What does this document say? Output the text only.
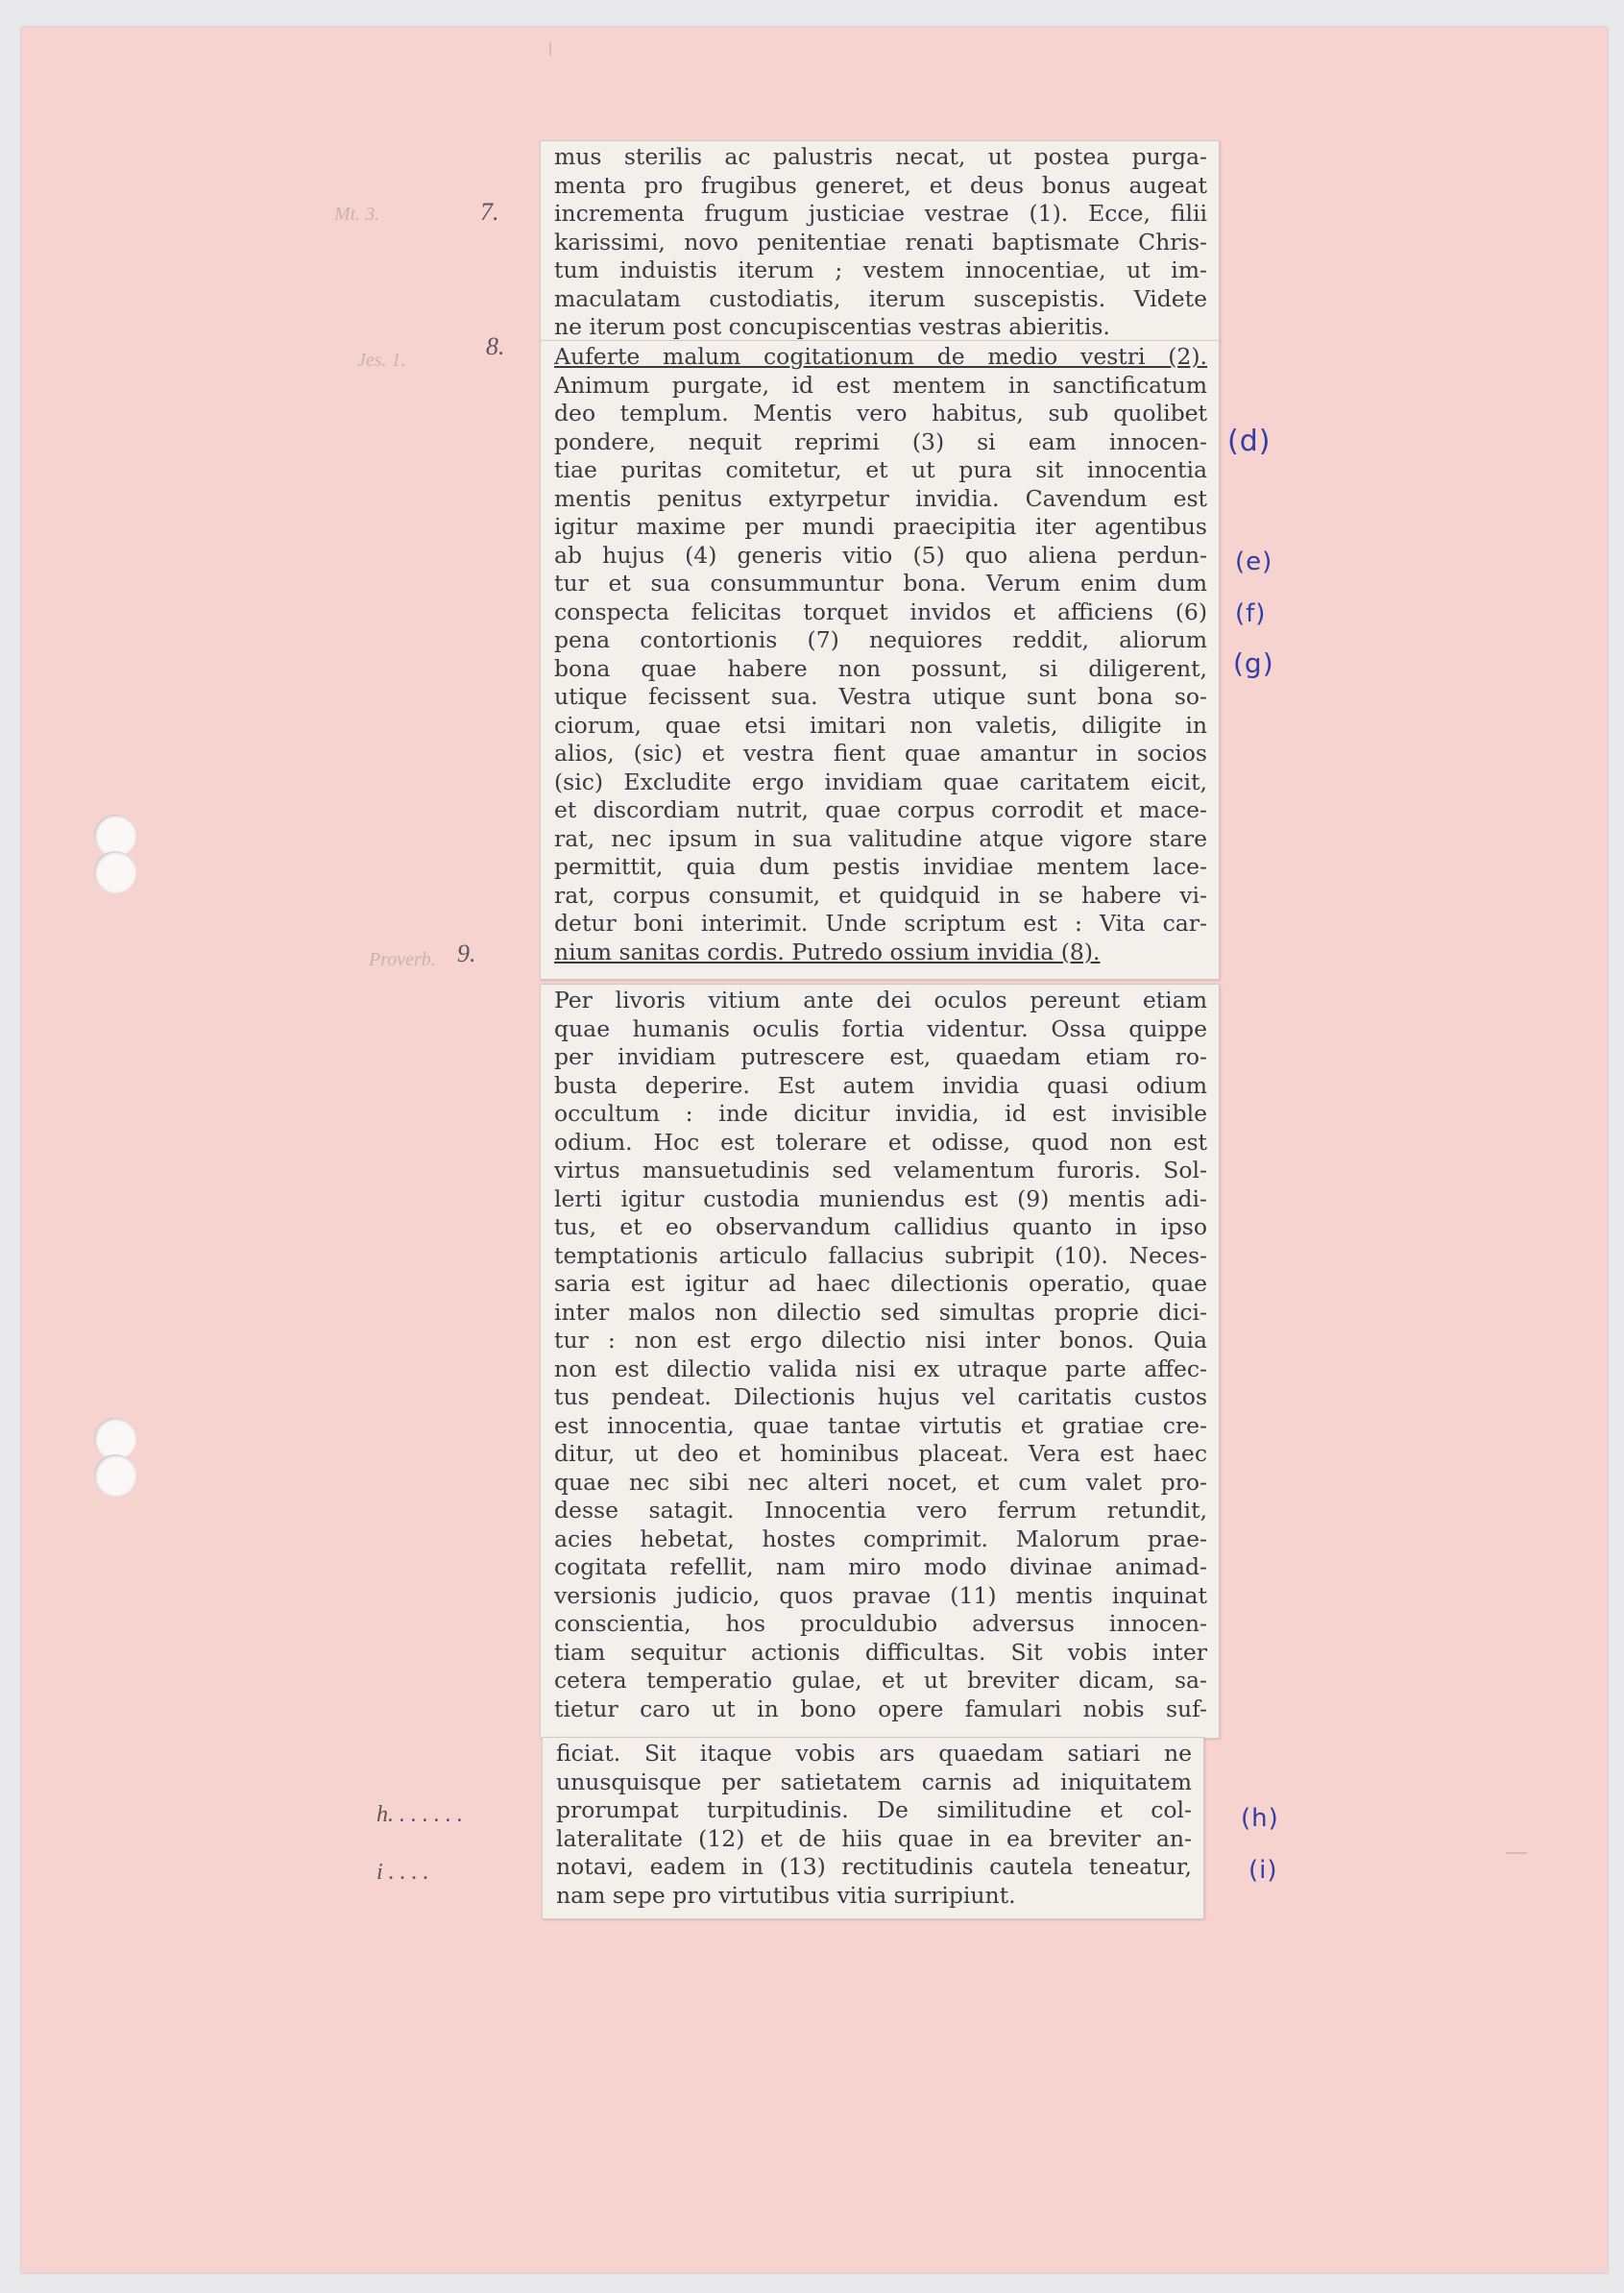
mus sterilis ac palustris necat, ut postea purga-
menta pro frugibus generet, et deus bonus augeat
incrementa frugum justiciae vestrae (1). Ecce, filii
karissimi, novo penitentiae renati baptismate Chris-
tum induistis iterum ; vestem innocentiae, ut im-
maculatam custodiatis, iterum suscepistis. Videte
ne iterum post concupiscentias vestras abieritis.
Auferte malum cogitationum de medio vestri (2).
Animum purgate, id est mentem in sanctificatum
deo templum. Mentis vero habitus, sub quolibet
pondere, nequit reprimi (3) si eam innocen-
tiae puritas comitetur, et ut pura sit innocentia
mentis penitus extyrpetur invidia. Cavendum est
igitur maxime per mundi praecipitia iter agentibus
ab hujus (4) generis vitio (5) quo aliena perdun-
tur et sua consummuntur bona. Verum enim dum
conspecta felicitas torquet invidos et afficiens (6)
pena contortionis (7) nequiores reddit, aliorum
bona quae habere non possunt, si diligerent,
utique fecissent sua. Vestra utique sunt bona so-
ciorum, quae etsi imitari non valetis, diligite in
alios, (sic) et vestra fient quae amantur in socios
(sic) Excludite ergo invidiam quae caritatem eicit,
et discordiam nutrit, quae corpus corrodit et mace-
rat, nec ipsum in sua valitudine atque vigore stare
permittit, quia dum pestis invidiae mentem lace-
rat, corpus consumit, et quidquid in se habere vi-
detur boni interimit. Unde scriptum est : Vita car-
nium sanitas cordis. Putredo ossium invidia (8).
Per livoris vitium ante dei oculos pereunt etiam
quae humanis oculis fortia videntur. Ossa quippe
per invidiam putrescere est, quaedam etiam ro-
busta deperire. Est autem invidia quasi odium
occultum : inde dicitur invidia, id est invisible
odium. Hoc est tolerare et odisse, quod non est
virtus mansuetudinis sed velamentum furoris. Sol-
lerti igitur custodia muniendus est (9) mentis adi-
tus, et eo observandum callidius quanto in ipso
temptationis articulo fallacius subripit (10). Neces-
saria est igitur ad haec dilectionis operatio, quae
inter malos non dilectio sed simultas proprie dici-
tur : non est ergo dilectio nisi inter bonos. Quia
non est dilectio valida nisi ex utraque parte affec-
tus pendeat. Dilectionis hujus vel caritatis custos
est innocentia, quae tantae virtutis et gratiae cre-
ditur, ut deo et hominibus placeat. Vera est haec
quae nec sibi nec alteri nocet, et cum valet pro-
desse satagit. Innocentia vero ferrum retundit,
acies hebetat, hostes comprimit. Malorum prae-
cogitata refellit, nam miro modo divinae animad-
versionis judicio, quos pravae (11) mentis inquinat
conscientia, hos proculdubio adversus innocen-
tiam sequitur actionis difficultas. Sit vobis inter
cetera temperatio gulae, et ut breviter dicam, sa-
tietur caro ut in bono opere famulari nobis suf-
ficiat. Sit itaque vobis ars quaedam satiari ne
unusquisque per satietatem carnis ad iniquitatem
prorumpat turpitudinis. De similitudine et col-
lateralitate (12) et de hiis quae in ea breviter an-
notavi, eadem in (13) rectitudinis cautela teneatur,
nam sepe pro virtutibus vitia surripiunt.
Mt. 3.	7.
Jes. 1.	8.
Proverb. 9.
h. . . . . . .
i . . . .
(d)
(e)
(f)
(g)
(h)
(i)
